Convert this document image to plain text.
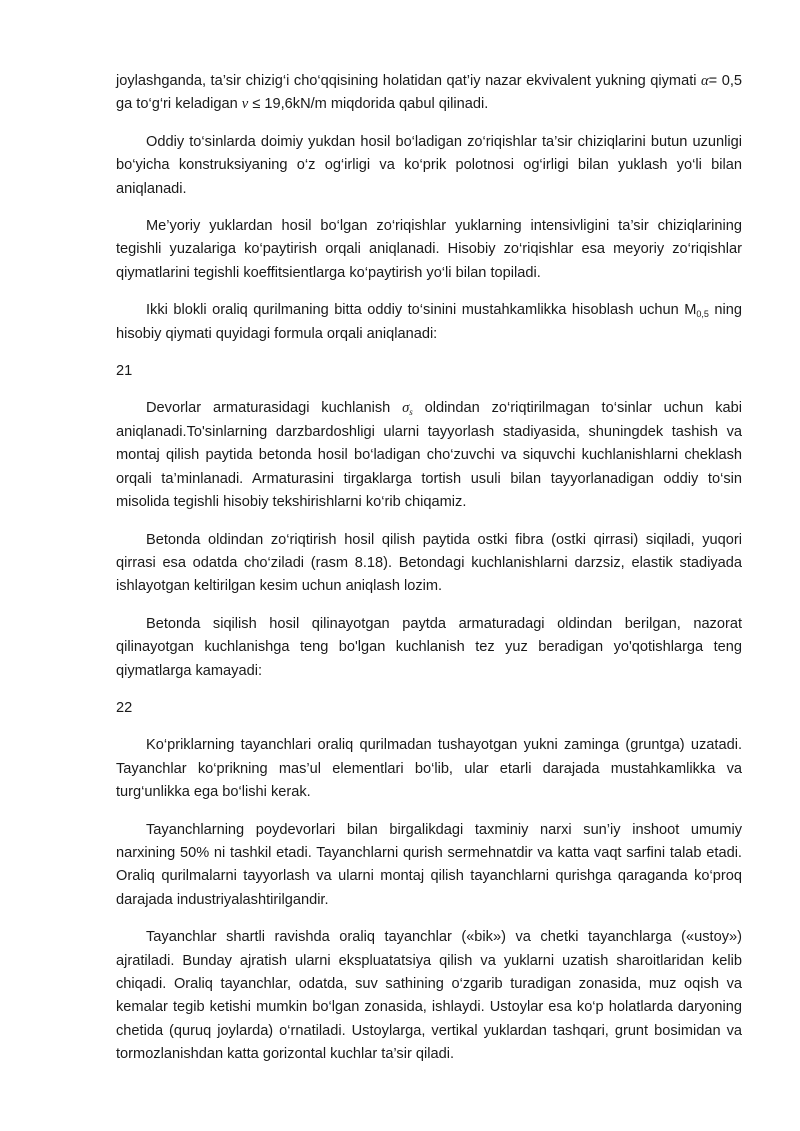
joylashganda, ta’sir chizig‘i cho‘qqisining holatidan qat’iy nazar ekvivalent yukning qiymati α= 0,5 ga to‘g‘ri keladigan ν ≤ 19,6kN/m miqdorida qabul qilinadi.

Oddiy to‘sinlarda doimiy yukdan hosil bo‘ladigan zo‘riqishlar ta’sir chiziqlarini butun uzunligi bo‘yicha konstruksiyaning o‘z og‘irligi va ko‘prik polotnosi og‘irligi bilan yuklash yo‘li bilan aniqlanadi.

Me’yoriy yuklardan hosil bo‘lgan zo‘riqishlar yuklarning intensivligini ta’sir chiziqlarining tegishli yuzalariga ko‘paytirish orqali aniqlanadi. Hisobiy zo‘riqishlar esa meyoriy zo‘riqishlar qiymatlarini tegishli koeffitsientlarga ko‘paytirish yo‘li bilan topiladi.

Ikki blokli oraliq qurilmaning bitta oddiy to‘sinini mustahkamlikka hisoblash uchun $M_{0,5}$ ning hisobiy qiymati quyidagi formula orqali aniqlanadi:

21

Devorlar armaturasidagi kuchlanish $\sigma_s$ oldindan zo‘riqtirilmagan to‘sinlar uchun kabi aniqlanadi.To'sinlarning darzbardoshligi ularni tayyorlash stadiyasida, shuningdek tashish va montaj qilish paytida betonda hosil bo‘ladigan cho‘zuvchi va siquvchi kuchlanishlarni cheklash orqali ta’minlanadi. Armaturasini tirgaklarga tortish usuli bilan tayyorlanadigan oddiy to‘sin misolida tegishli hisobiy tekshirishlarni ko‘rib chiqamiz.

Betonda oldindan zo‘riqtirish hosil qilish paytida ostki fibra (ostki qirrasi) siqiladi, yuqori qirrasi esa odatda cho‘ziladi (rasm 8.18). Betondagi kuchlanishlarni darzsiz, elastik stadiyada ishlayotgan keltirilgan kesim uchun aniqlash lozim.

Betonda siqilish hosil qilinayotgan paytda armaturadagi oldindan berilgan, nazorat qilinayotgan kuchlanishga teng bo'lgan kuchlanish tez yuz beradigan yo'qotishlarga teng qiymatlarga kamayadi:

22

Ko‘priklarning tayanchlari oraliq qurilmadan tushayotgan yukni zaminga (gruntga) uzatadi. Tayanchlar ko‘prikning mas’ul elementlari bo‘lib, ular etarli darajada mustahkamlikka va turg‘unlikka ega bo‘lishi kerak.

Tayanchlarning poydevorlari bilan birgalikdagi taxminiy narxi sun’iy inshoot umumiy narxining 50% ni tashkil etadi. Tayanchlarni qurish sermehnatdir va katta vaqt sarfini talab etadi. Oraliq qurilmalarni tayyorlash va ularni montaj qilish tayanchlarni qurishga qaraganda ko‘proq darajada industriyalashtirilgandir.

Tayanchlar shartli ravishda oraliq tayanchlar («bik») va chetki tayanchlarga («ustoy») ajratiladi. Bunday ajratish ularni ekspluatatsiya qilish va yuklarni uzatish sharoitlaridan kelib chiqadi. Oraliq tayanchlar, odatda, suv sathining o‘zgarib turadigan zonasida, muz oqish va kemalar tegib ketishi mumkin bo‘lgan zonasida, ishlaydi. Ustoylar esa ko‘p holatlarda daryoning chetida (quruq joylarda) o‘rnatiladi. Ustoylarga, vertikal yuklardan tashqari, grunt bosimidan va tormozlanishdan katta gorizontal kuchlar ta’sir qiladi.
